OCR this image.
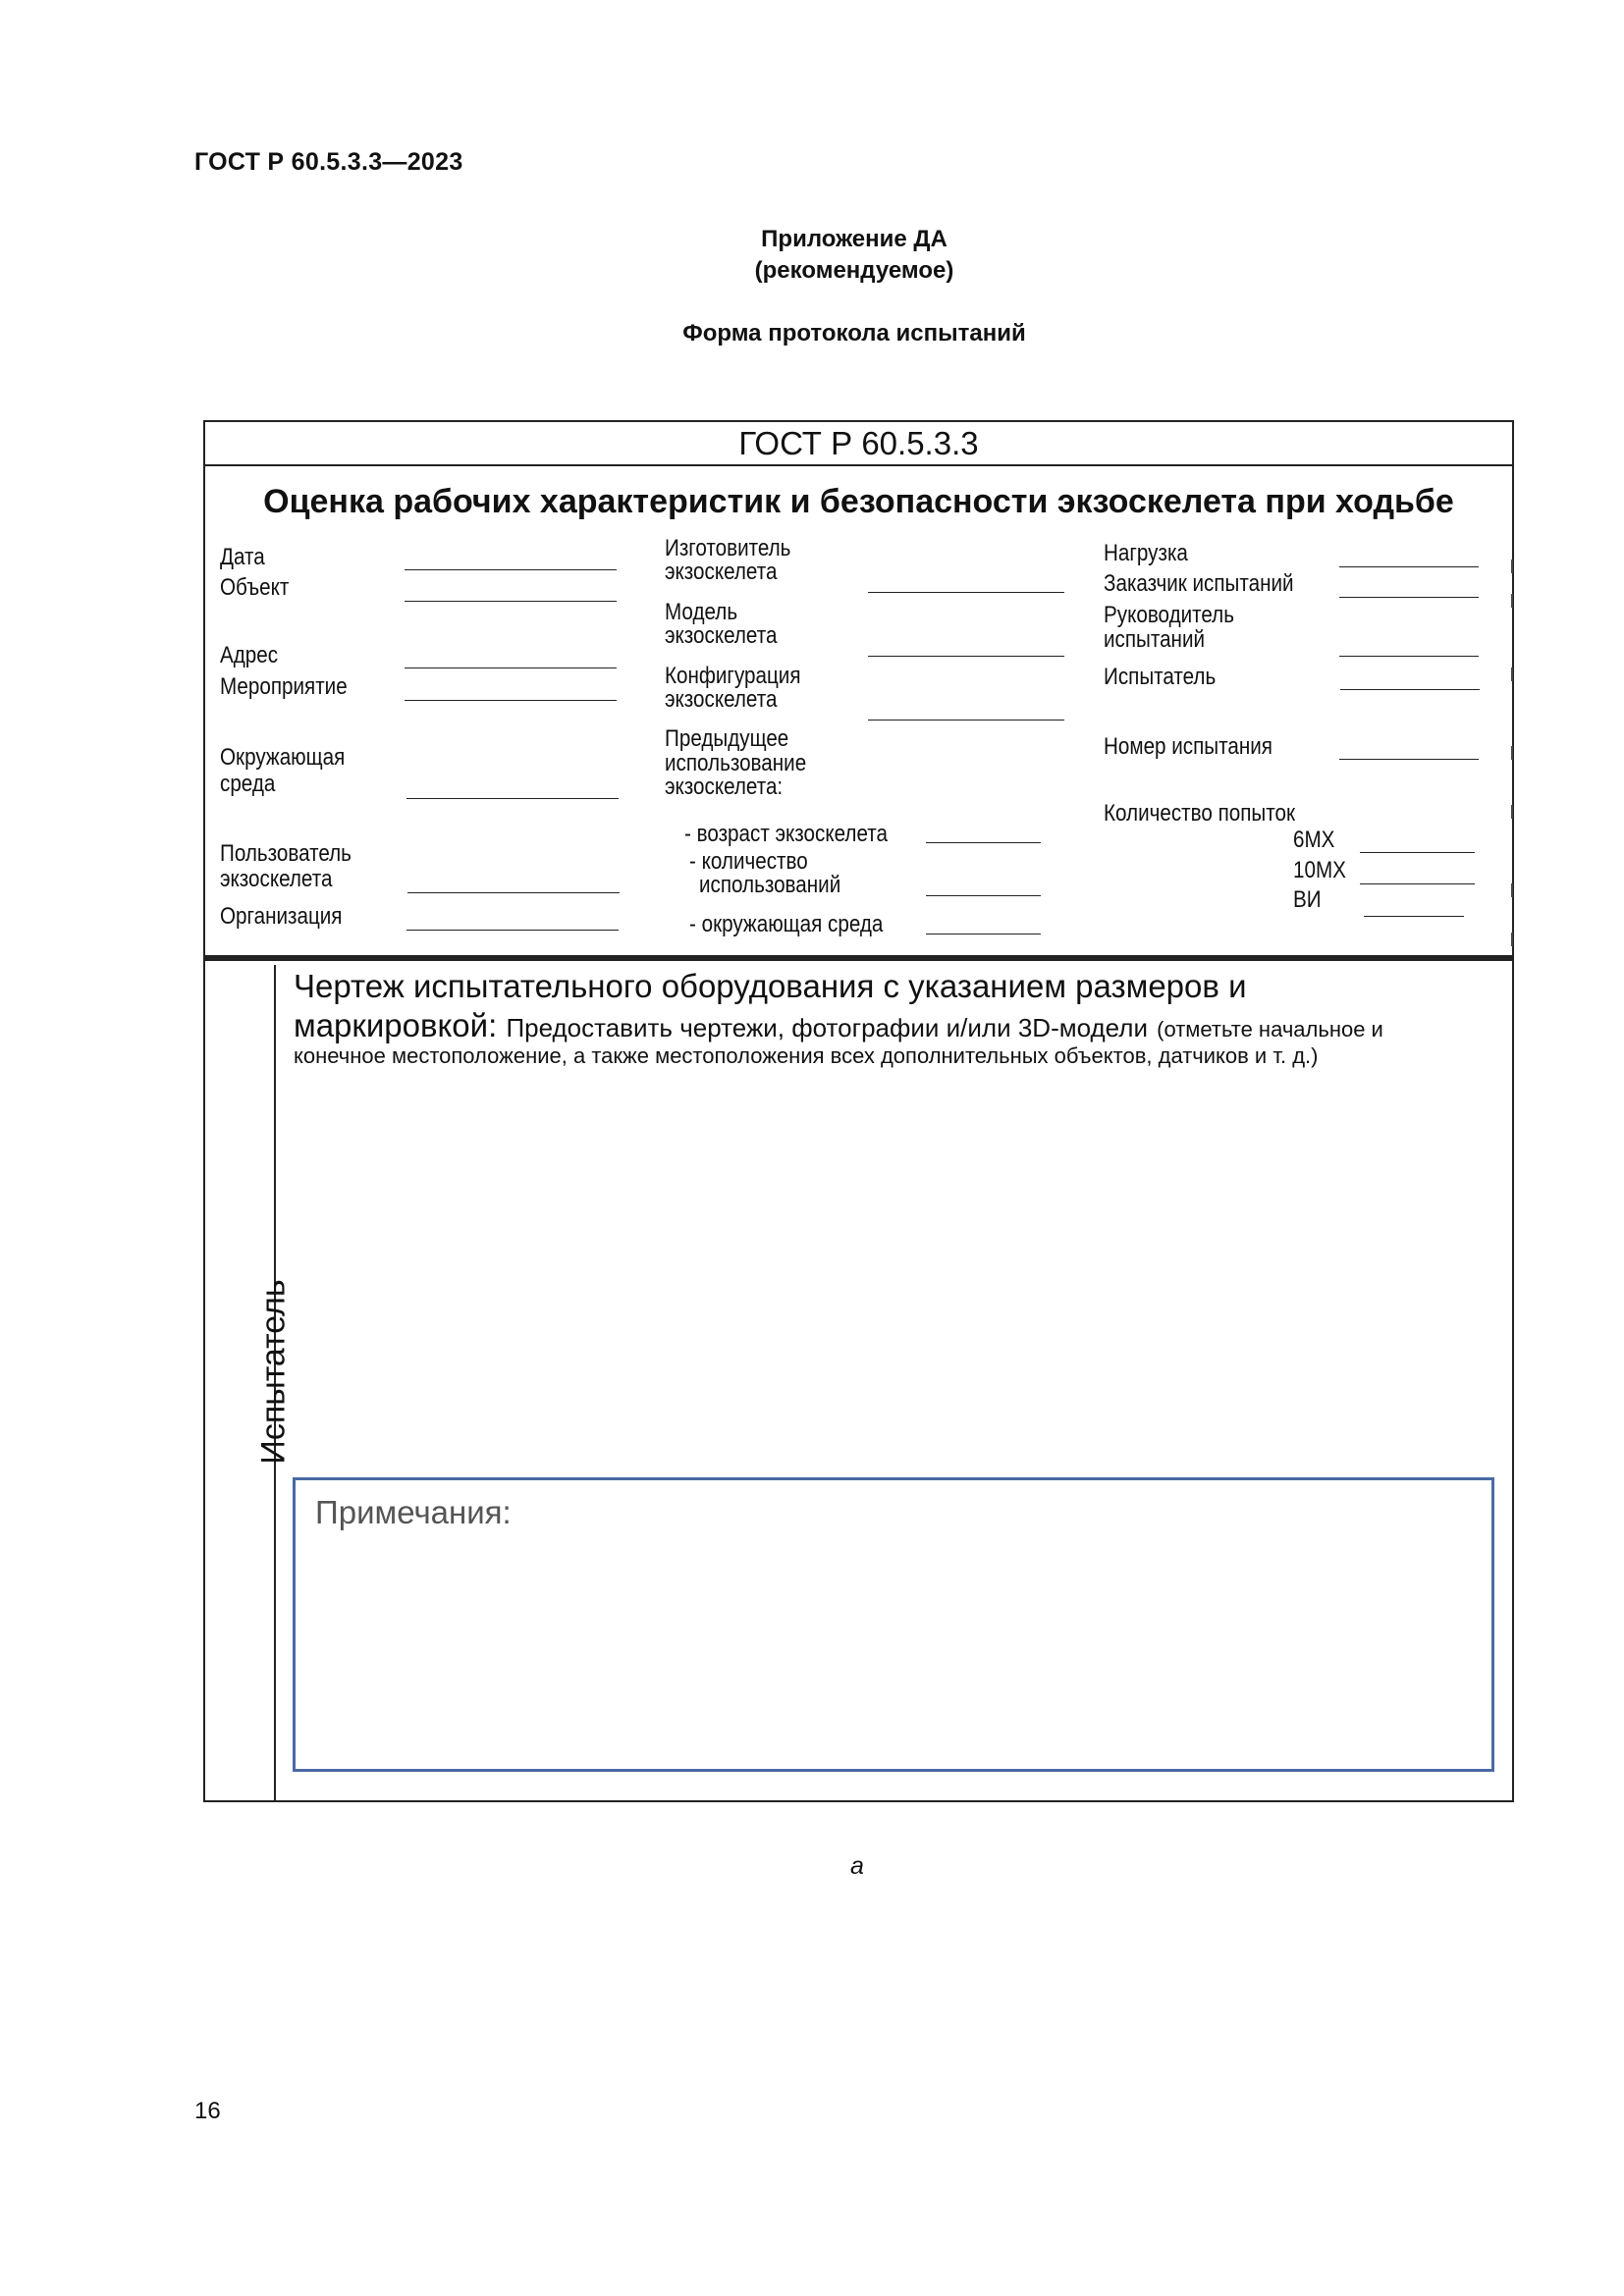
ГОСТ Р 60.5.3.3—2023
Приложение ДА
(рекомендуемое)
Форма протокола испытаний
ГОСТ Р 60.5.3.3
Оценка рабочих характеристик и безопасности экзоскелета при ходьбе
Дата
Объект
Адрес
Мероприятие
Окружающая
среда
Пользователь
экзоскелета
Организация
Изготовитель
экзоскелета
Модель
экзоскелета
Конфигурация
экзоскелета
Предыдущее
использование
экзоскелета:
- возраст экзоскелета
- количество
использований
- окружающая среда
Нагрузка
Заказчик испытаний
Руководитель
испытаний
Испытатель
Номер испытания
Количество попыток
6MX
10MX
ВИ
Испытатель
Чертеж испытательного оборудования с указанием размеров и
маркировкой: Предоставить чертежи, фотографии и/или 3D-модели (отметьте начальное и
конечное местоположение, а также местоположения всех дополнительных объектов, датчиков и т. д.)
Примечания:
а
16
